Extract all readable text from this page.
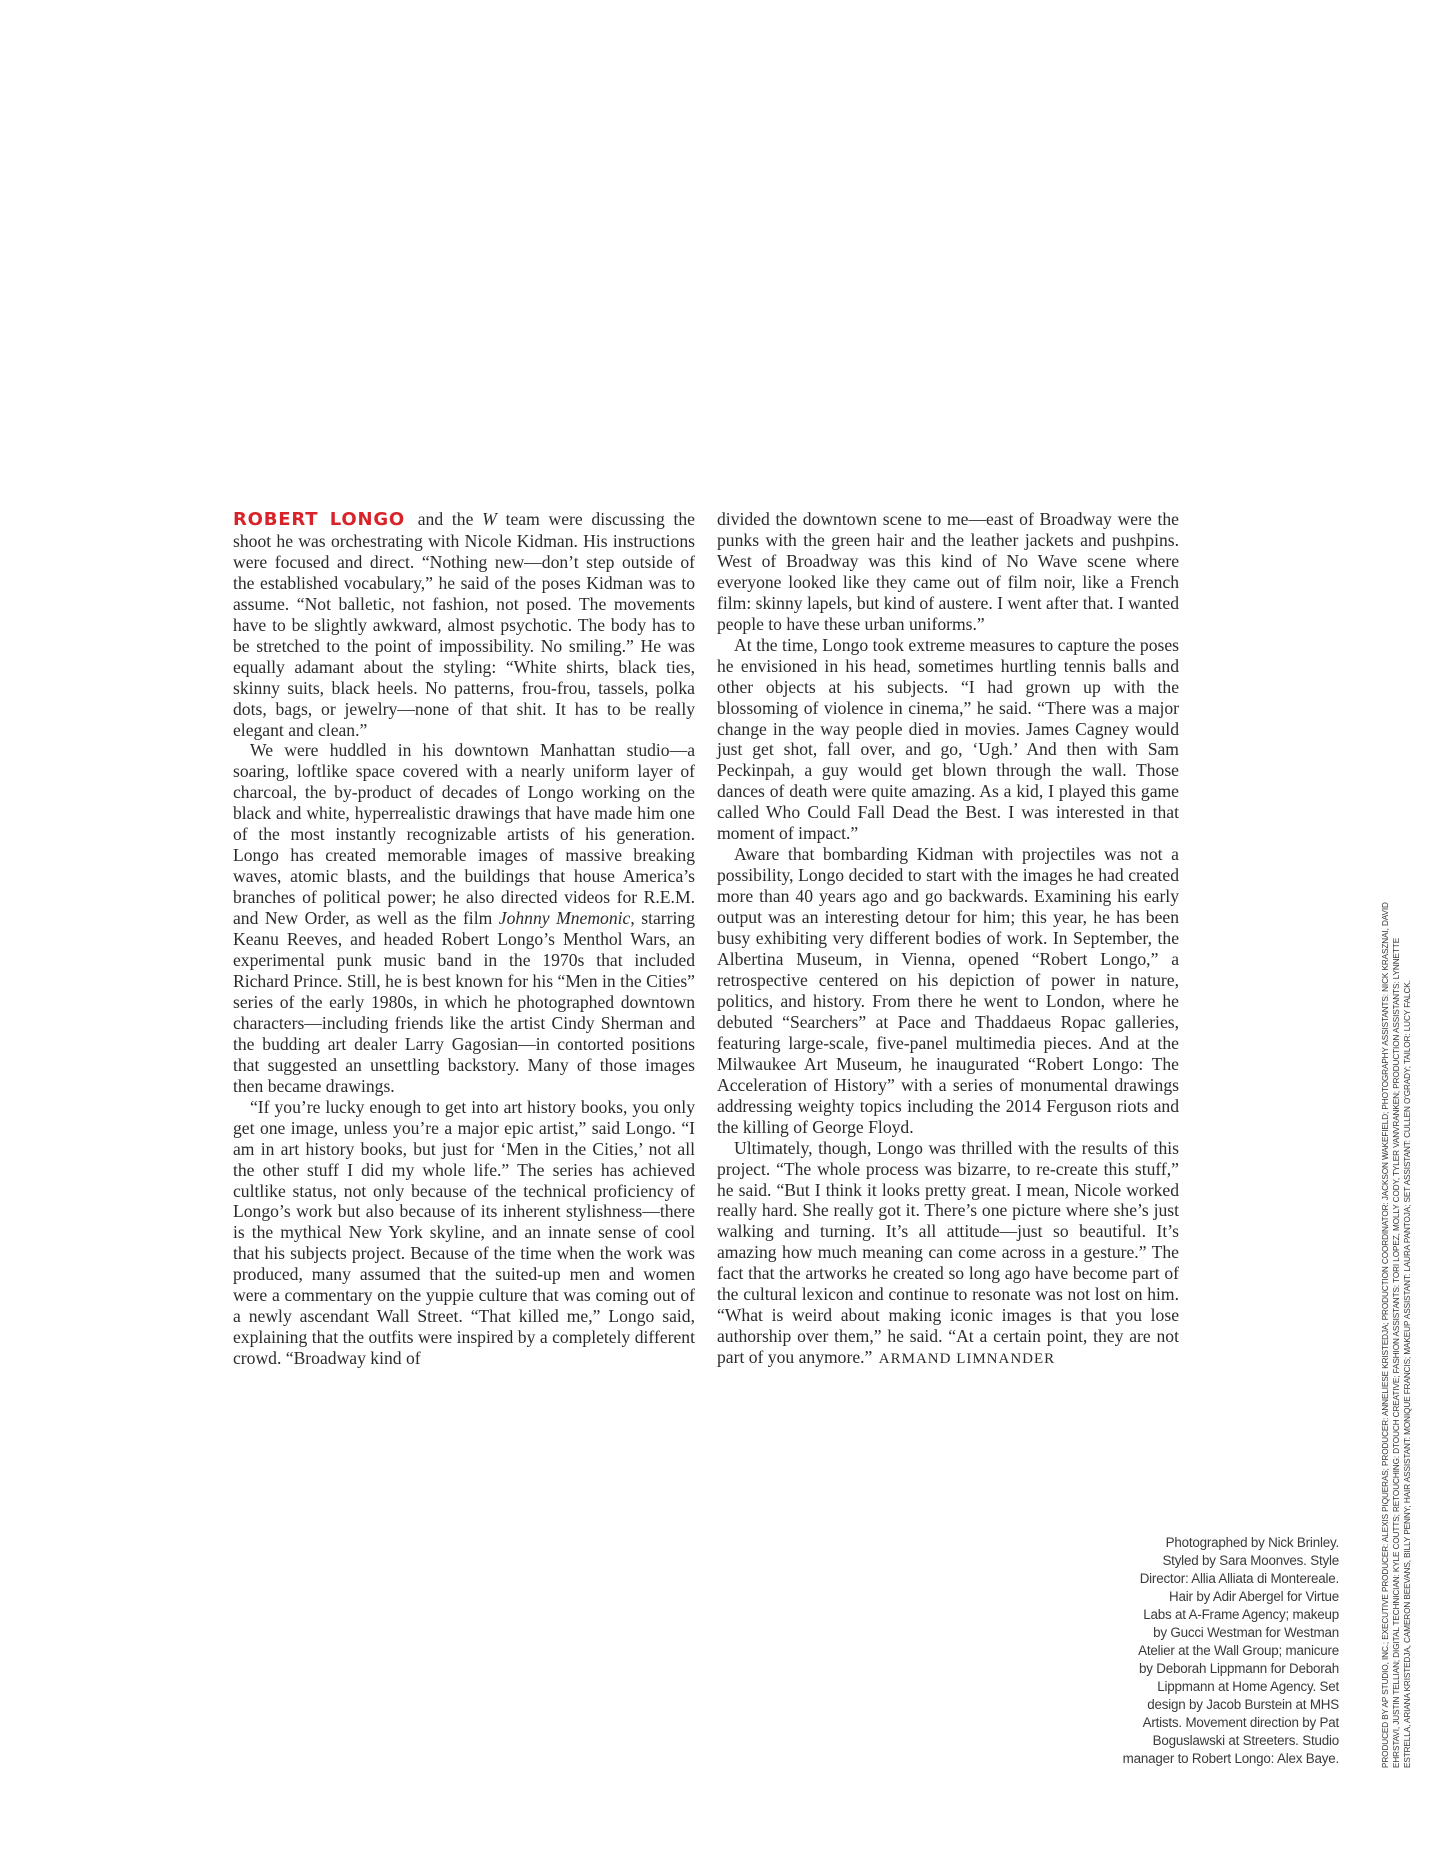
ROBERT LONGO and the W team were discussing the shoot he was orchestrating with Nicole Kidman. His instructions were focused and direct. “Nothing new—don’t step outside of the established vocabulary,” he said of the poses Kidman was to assume. “Not balletic, not fashion, not posed. The movements have to be slightly awkward, almost psychotic. The body has to be stretched to the point of impossibility. No smiling.” He was equally adamant about the styling: “White shirts, black ties, skinny suits, black heels. No patterns, frou-frou, tassels, polka dots, bags, or jewelry—none of that shit. It has to be really elegant and clean.”

We were huddled in his downtown Manhattan studio—a soaring, loftlike space covered with a nearly uniform layer of charcoal, the by-product of decades of Longo working on the black and white, hyperrealistic drawings that have made him one of the most instantly recognizable artists of his generation. Longo has created memorable images of massive breaking waves, atomic blasts, and the buildings that house America’s branches of political power; he also directed videos for R.E.M. and New Order, as well as the film Johnny Mnemonic, starring Keanu Reeves, and headed Robert Longo’s Menthol Wars, an experimental punk music band in the 1970s that included Richard Prince. Still, he is best known for his “Men in the Cities” series of the early 1980s, in which he photographed downtown characters—including friends like the artist Cindy Sherman and the budding art dealer Larry Gagosian—in contorted positions that suggested an unsettling backstory. Many of those images then became drawings.

“If you’re lucky enough to get into art history books, you only get one image, unless you’re a major epic artist,” said Longo. “I am in art history books, but just for ‘Men in the Cities,’ not all the other stuff I did my whole life.” The series has achieved cultlike status, not only because of the technical proficiency of Longo’s work but also because of its inherent stylishness—there is the mythical New York skyline, and an innate sense of cool that his subjects project. Because of the time when the work was produced, many assumed that the suited-up men and women were a commentary on the yuppie culture that was coming out of a newly ascendant Wall Street. “That killed me,” Longo said, explaining that the outfits were inspired by a completely different crowd. “Broadway kind of

divided the downtown scene to me—east of Broadway were the punks with the green hair and the leather jackets and pushpins. West of Broadway was this kind of No Wave scene where everyone looked like they came out of film noir, like a French film: skinny lapels, but kind of austere. I went after that. I wanted people to have these urban uniforms.”

At the time, Longo took extreme measures to capture the poses he envisioned in his head, sometimes hurtling tennis balls and other objects at his subjects. “I had grown up with the blossoming of violence in cinema,” he said. “There was a major change in the way people died in movies. James Cagney would just get shot, fall over, and go, ‘Ugh.’ And then with Sam Peckinpah, a guy would get blown through the wall. Those dances of death were quite amazing. As a kid, I played this game called Who Could Fall Dead the Best. I was interested in that moment of impact.”

Aware that bombarding Kidman with projectiles was not a possibility, Longo decided to start with the images he had created more than 40 years ago and go backwards. Examining his early output was an interesting detour for him; this year, he has been busy exhibiting very different bodies of work. In September, the Albertina Museum, in Vienna, opened “Robert Longo,” a retrospective centered on his depiction of power in nature, politics, and history. From there he went to London, where he debuted “Searchers” at Pace and Thaddaeus Ropac galleries, featuring large-scale, five-panel multimedia pieces. And at the Milwaukee Art Museum, he inaugurated “Robert Longo: The Acceleration of History” with a series of monumental drawings addressing weighty topics including the 2014 Ferguson riots and the killing of George Floyd.

Ultimately, though, Longo was thrilled with the results of this project. “The whole process was bizarre, to re-create this stuff,” he said. “But I think it looks pretty great. I mean, Nicole worked really hard. She really got it. There’s one picture where she’s just walking and turning. It’s all attitude—just so beautiful. It’s amazing how much meaning can come across in a gesture.” The fact that the artworks he created so long ago have become part of the cultural lexicon and continue to resonate was not lost on him. “What is weird about making iconic images is that you lose authorship over them,” he said. “At a certain point, they are not part of you anymore.” ARMAND LIMNANDER

Photographed by Nick Brinley.
Styled by Sara Moonves. Style
Director: Allia Alliata di Montereale.
Hair by Adir Abergel for Virtue
Labs at A-Frame Agency; makeup
by Gucci Westman for Westman
Atelier at the Wall Group; manicure
by Deborah Lippmann for Deborah
Lippmann at Home Agency. Set
design by Jacob Burstein at MHS
Artists. Movement direction by Pat
Boguslawski at Streeters. Studio
manager to Robert Longo: Alex Baye.	PRODUCED BY AP STUDIO, INC.; EXECUTIVE PRODUCER: ALEXIS PIQUERAS; PRODUCER: ANNELIESE KRISTEDJA; PRODUCTION COORDINATOR: JACKSON WAKEFIELD; PHOTOGRAPHY ASSISTANTS: NICK KRASZNAI, DAVID EHRSTAVI, JUSTIN TELLIAN; DIGITAL TECHNICIAN: KYLE COUTTS; RETOUCHING: DTOUCH CREATIVE; FASHION ASSISTANTS: TORI LOPEZ, MOLLY CODY, TYLER VANVRANKEN; PRODUCTION ASSISTANTS: LYNNETTE ESTRELLA, ARIANA KRISTEDJA, CAMERON BEEVANS, BILLY PENNY; HAIR ASSISTANT: MONIQUE FRANCIS; MAKEUP ASSISTANT: LAURA PANTOJA; SET ASSISTANT: CULLEN O'GRADY; TAILOR: LUCY FALCK.
